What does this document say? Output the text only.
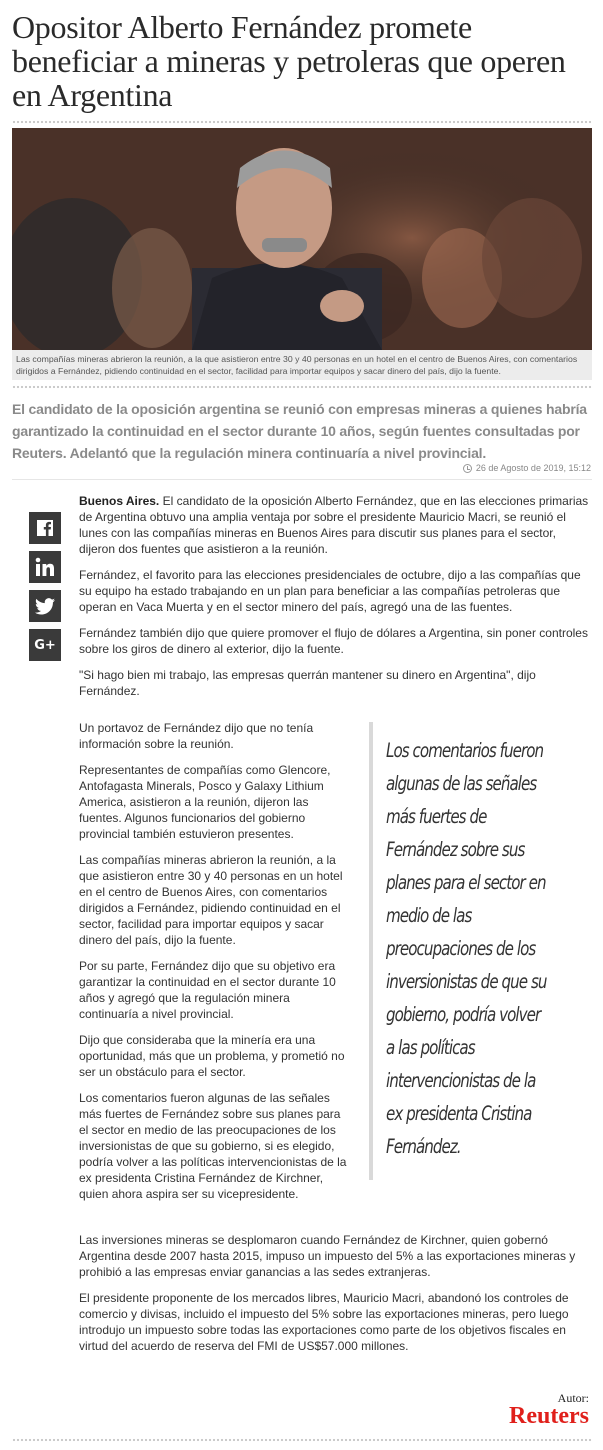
Opositor Alberto Fernández promete beneficiar a mineras y petroleras que operen en Argentina
Las compañías mineras abrieron la reunión, a la que asistieron entre 30 y 40 personas en un hotel en el centro de Buenos Aires, con comentarios dirigidos a Fernández, pidiendo continuidad en el sector, facilidad para importar equipos y sacar dinero del país, dijo la fuente.

El candidato de la oposición argentina se reunió con empresas mineras a quienes habría garantizado la continuidad en el sector durante 10 años, según fuentes consultadas por Reuters. Adelantó que la regulación minera continuaría a nivel provincial.

26 de Agosto de 2019, 15:12
G+

Buenos Aires. El candidato de la oposición Alberto Fernández, que en las elecciones primarias de Argentina obtuvo una amplia ventaja por sobre el presidente Mauricio Macri, se reunió el lunes con las compañías mineras en Buenos Aires para discutir sus planes para el sector, dijeron dos fuentes que asistieron a la reunión.

Fernández, el favorito para las elecciones presidenciales de octubre, dijo a las compañías que su equipo ha estado trabajando en un plan para beneficiar a las compañías petroleras que operan en Vaca Muerta y en el sector minero del país, agregó una de las fuentes.

Fernández también dijo que quiere promover el flujo de dólares a Argentina, sin poner controles sobre los giros de dinero al exterior, dijo la fuente.

"Si hago bien mi trabajo, las empresas querrán mantener su dinero en Argentina", dijo Fernández.

Un portavoz de Fernández dijo que no tenía información sobre la reunión.

Representantes de compañías como Glencore, Antofagasta Minerals, Posco y Galaxy Lithium America, asistieron a la reunión, dijeron las fuentes. Algunos funcionarios del gobierno provincial también estuvieron presentes.

Las compañías mineras abrieron la reunión, a la que asistieron entre 30 y 40 personas en un hotel en el centro de Buenos Aires, con comentarios dirigidos a Fernández, pidiendo continuidad en el sector, facilidad para importar equipos y sacar dinero del país, dijo la fuente.

Por su parte, Fernández dijo que su objetivo era garantizar la continuidad en el sector durante 10 años y agregó que la regulación minera continuaría a nivel provincial.

Dijo que consideraba que la minería era una oportunidad, más que un problema, y prometió no ser un obstáculo para el sector.

Los comentarios fueron algunas de las señales más fuertes de Fernández sobre sus planes para el sector en medio de las preocupaciones de los inversionistas de que su gobierno, si es elegido, podría volver a las políticas intervencionistas de la ex presidenta Cristina Fernández de Kirchner, quien ahora aspira ser su vicepresidente.

Los comentarios fueron
algunas de las señales
más fuertes de
Fernández sobre sus
planes para el sector en
medio de las
preocupaciones de los
inversionistas de que su
gobierno, podría volver
a las políticas
intervencionistas de la
ex presidenta Cristina
Fernández.

Las inversiones mineras se desplomaron cuando Fernández de Kirchner, quien gobernó Argentina desde 2007 hasta 2015, impuso un impuesto del 5% a las exportaciones mineras y prohibió a las empresas enviar ganancias a las sedes extranjeras.

El presidente proponente de los mercados libres, Mauricio Macri, abandonó los controles de comercio y divisas, incluido el impuesto del 5% sobre las exportaciones mineras, pero luego introdujo un impuesto sobre todas las exportaciones como parte de los objetivos fiscales en virtud del acuerdo de reserva del FMI de US$57.000 millones.

Autor:
Reuters
